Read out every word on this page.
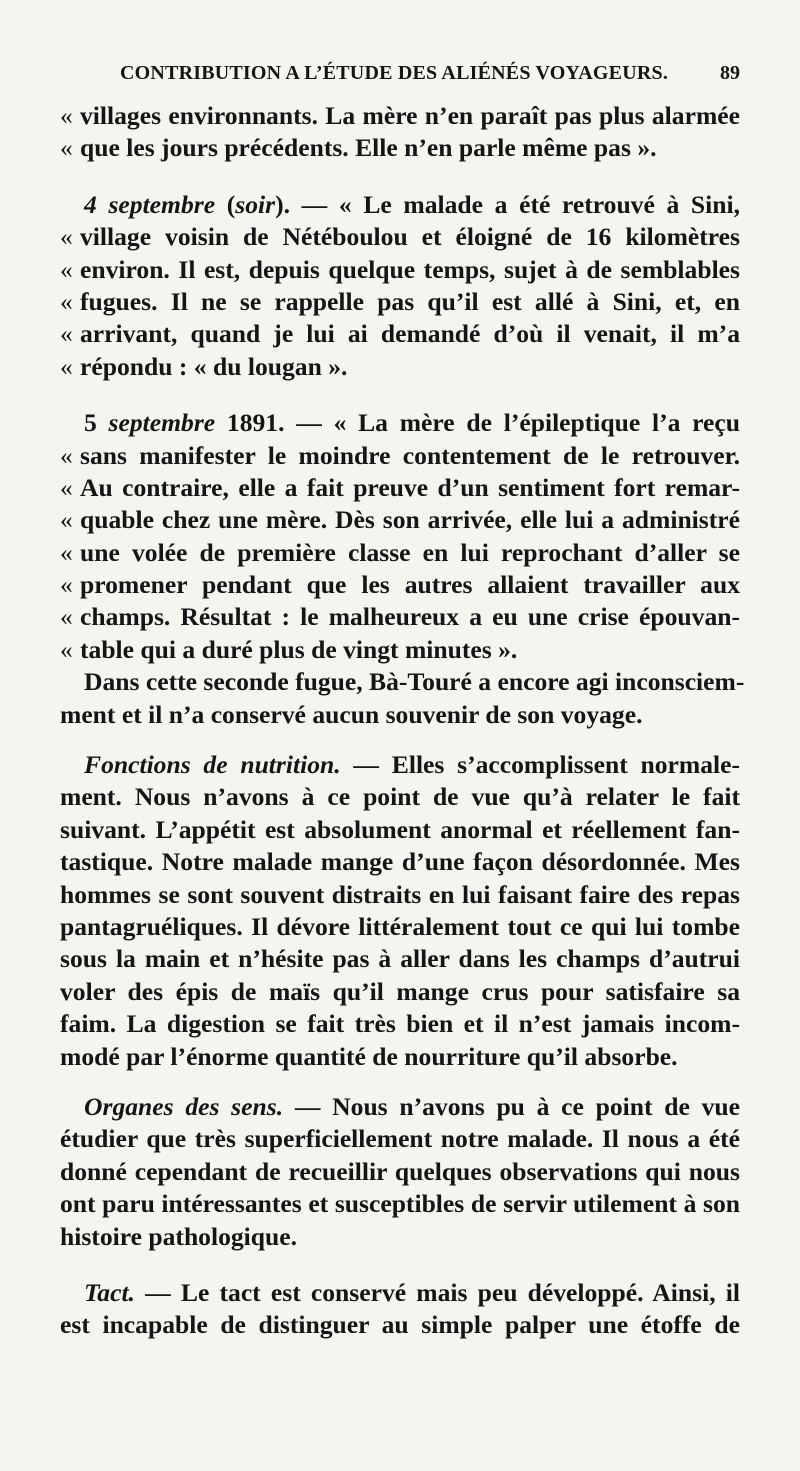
CONTRIBUTION A L’ÉTUDE DES ALIÉNÉS VOYAGEURS.	89
« villages environnants. La mère n’en paraît pas plus alarmée
« que les jours précédents. Elle n’en parle même pas ».
4 septembre (soir). — « Le malade a été retrouvé à Sini,
« village voisin de Nétéboulou et éloigné de 16 kilomètres
« environ. Il est, depuis quelque temps, sujet à de semblables
« fugues. Il ne se rappelle pas qu’il est allé à Sini, et, en
« arrivant, quand je lui ai demandé d’où il venait, il m’a
« répondu : « du lougan ».
5 septembre 1891. — « La mère de l’épileptique l’a reçu
« sans manifester le moindre contentement de le retrouver.
« Au contraire, elle a fait preuve d’un sentiment fort remar-
« quable chez une mère. Dès son arrivée, elle lui a administré
« une volée de première classe en lui reprochant d’aller se
« promener pendant que les autres allaient travailler aux
« champs. Résultat : le malheureux a eu une crise épouvan-
« table qui a duré plus de vingt minutes ».
Dans cette seconde fugue, Bà-Touré a encore agi inconsciem-
ment et il n’a conservé aucun souvenir de son voyage.
Fonctions de nutrition. — Elles s’accomplissent normale-
ment. Nous n’avons à ce point de vue qu’à relater le fait
suivant. L’appétit est absolument anormal et réellement fan-
tastique. Notre malade mange d’une façon désordonnée. Mes
hommes se sont souvent distraits en lui faisant faire des repas
pantagruéliques. Il dévore littéralement tout ce qui lui tombe
sous la main et n’hésite pas à aller dans les champs d’autrui
voler des épis de maïs qu’il mange crus pour satisfaire sa
faim. La digestion se fait très bien et il n’est jamais incom-
modé par l’énorme quantité de nourriture qu’il absorbe.
Organes des sens. — Nous n’avons pu à ce point de vue
étudier que très superficiellement notre malade. Il nous a été
donné cependant de recueillir quelques observations qui nous
ont paru intéressantes et susceptibles de servir utilement à son
histoire pathologique.
Tact. — Le tact est conservé mais peu développé. Ainsi, il
est incapable de distinguer au simple palper une étoffe de
